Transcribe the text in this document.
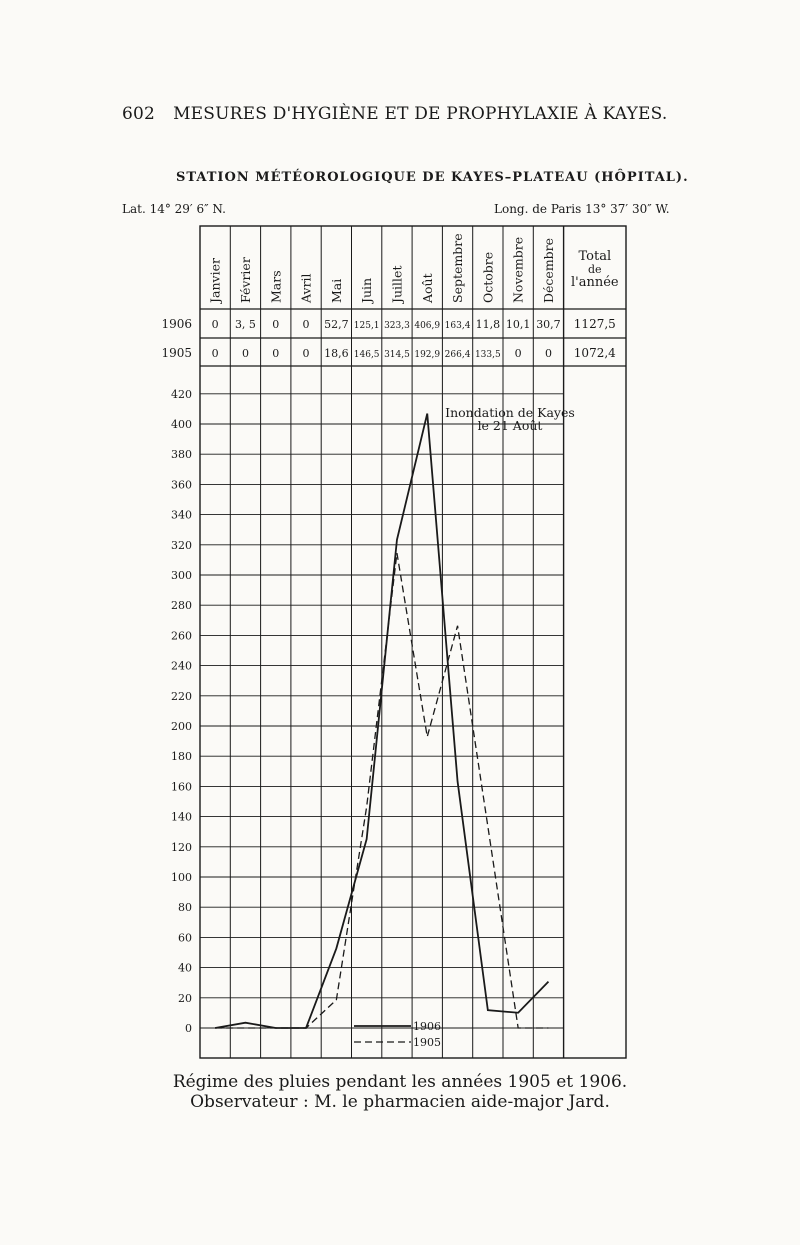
602 MESURES D'HYGIÈNE ET DE PROPHYLAXIE À KAYES.
STATION MÉTÉOROLOGIQUE DE KAYES–PLATEAU (HÔPITAL).
Lat. 14° 29′ 6″ N.	Long. de Paris 13° 37′ 30″ W.
0
20
40
60
80
100
120
140
160
180
200
220
240
260
280
300
320
340
360
380
400
420
Janvier Février Mars Avril Mai Juin Juillet Août Septembre Octobre Novembre Décembre Total
de
l'année
1906 0 3, 5 0 0 52,7 125,1 323,3 406,9 163,4 11,8 10,1 30,7 1127,5
1905 0 0 0 0 18,6 146,5 314,5 192,9 266,4 133,5 0 0 1072,4
Inondation de Kayes
le 21 Août
1906
1905
Régime des pluies pendant les années 1905 et 1906.
Observateur : M. le pharmacien aide-major Jard.
